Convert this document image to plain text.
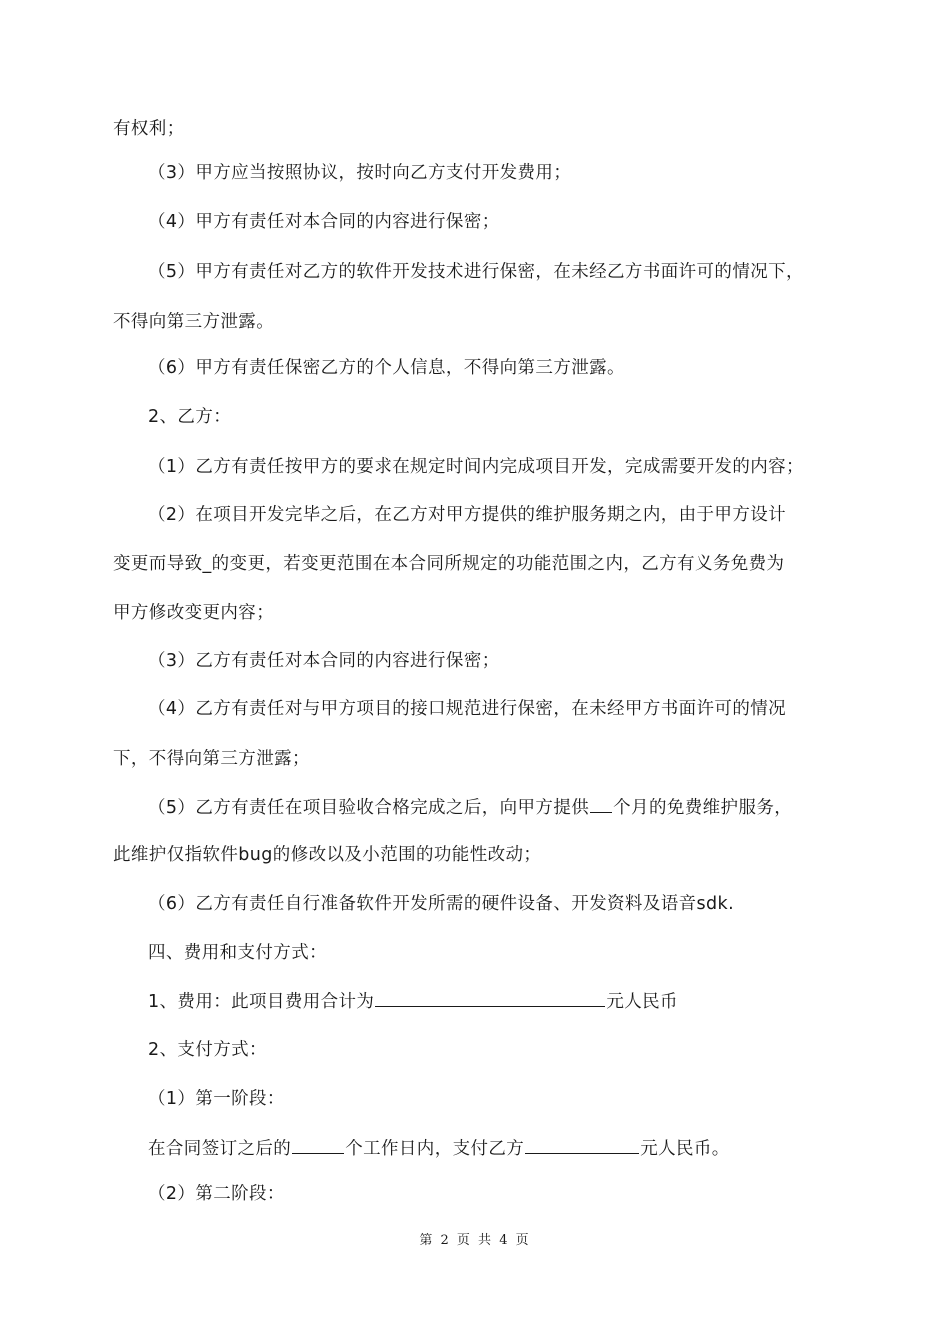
有权利；
（3）甲方应当按照协议，按时向乙方支付开发费用；
（4）甲方有责任对本合同的内容进行保密；
（5）甲方有责任对乙方的软件开发技术进行保密，在未经乙方书面许可的情况下，
不得向第三方泄露。
（6）甲方有责任保密乙方的个人信息，不得向第三方泄露。
2、乙方：
（1）乙方有责任按甲方的要求在规定时间内完成项目开发，完成需要开发的内容；
（2）在项目开发完毕之后，在乙方对甲方提供的维护服务期之内，由于甲方设计
变更而导致_的变更，若变更范围在本合同所规定的功能范围之内，乙方有义务免费为
甲方修改变更内容；
（3）乙方有责任对本合同的内容进行保密；
（4）乙方有责任对与甲方项目的接口规范进行保密，在未经甲方书面许可的情况
下，不得向第三方泄露；
（5）乙方有责任在项目验收合格完成之后，向甲方提供 个月的免费维护服务，
此维护仅指软件bug的修改以及小范围的功能性改动；
（6）乙方有责任自行准备软件开发所需的硬件设备、开发资料及语音sdk.
四、费用和支付方式：
1、费用：此项目费用合计为	元人民币
2、支付方式：
（1）第一阶段：
在合同签订之后的	个工作日内，支付乙方	元人民币。
（2）第二阶段：
第 2 页 共 4 页
